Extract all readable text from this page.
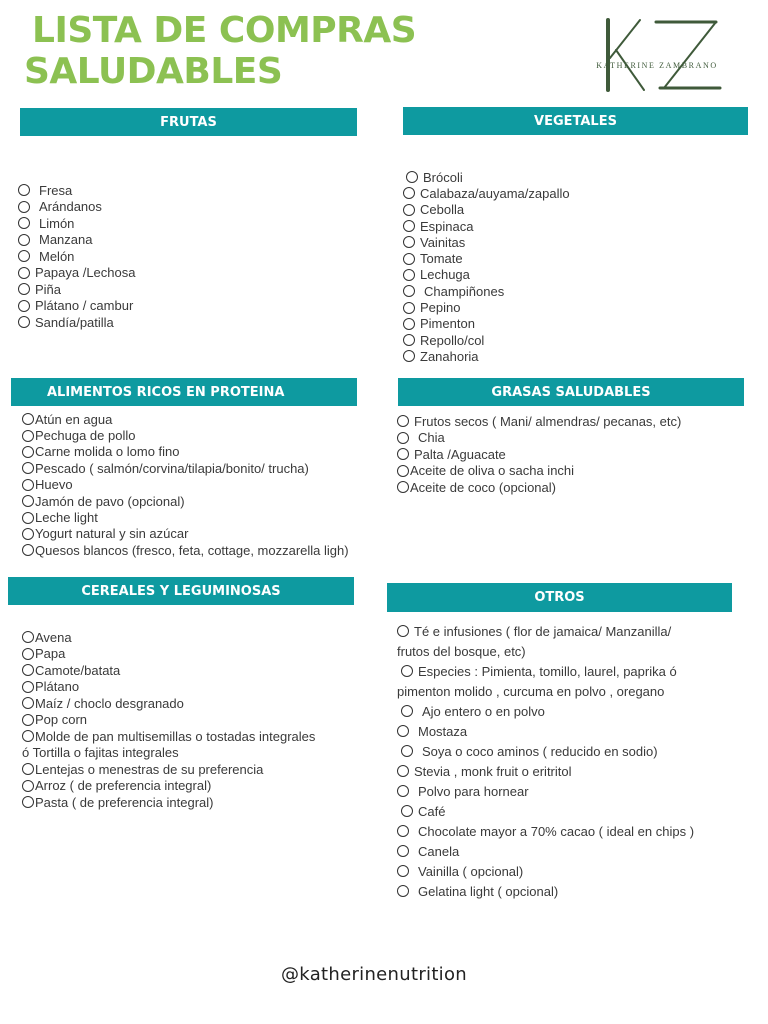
LISTA DE COMPRAS
SALUDABLES	KATHERINE ZAMBRANO
FRUTAS
Fresa
Arándanos
Limón
Manzana
Melón
Papaya /Lechosa
Piña
Plátano / cambur
Sandía/patilla
VEGETALES
Brócoli
Calabaza/auyama/zapallo
Cebolla
Espinaca
Vainitas
Tomate
Lechuga
Champiñones
Pepino
Pimenton
Repollo/col
Zanahoria
ALIMENTOS RICOS EN PROTEINA
Atún en agua
Pechuga de pollo
Carne molida o lomo fino
Pescado ( salmón/corvina/tilapia/bonito/ trucha)
Huevo
Jamón de pavo (opcional)
Leche light
Yogurt natural y sin azúcar
Quesos blancos (fresco, feta, cottage, mozzarella ligh)
GRASAS SALUDABLES
Frutos secos ( Mani/ almendras/ pecanas, etc)
Chia
Palta /Aguacate
Aceite de oliva o sacha inchi
Aceite de coco (opcional)
CEREALES Y LEGUMINOSAS
Avena
Papa
Camote/batata
Plátano
Maíz / choclo desgranado
Pop corn
Molde de pan multisemillas o tostadas integrales
ó Tortilla o fajitas integrales
Lentejas o menestras de su preferencia
Arroz ( de preferencia integral)
Pasta ( de preferencia integral)
OTROS
Té e infusiones ( flor de jamaica/ Manzanilla/
frutos del bosque, etc)
Especies : Pimienta, tomillo, laurel, paprika ó
pimenton molido , curcuma en polvo , oregano
Ajo entero o en polvo
Mostaza
Soya o coco aminos ( reducido en sodio)
Stevia , monk fruit o eritritol
Polvo para hornear
Café
Chocolate mayor a 70% cacao ( ideal en chips )
Canela
Vainilla ( opcional)
Gelatina light ( opcional)
@katherinenutrition
